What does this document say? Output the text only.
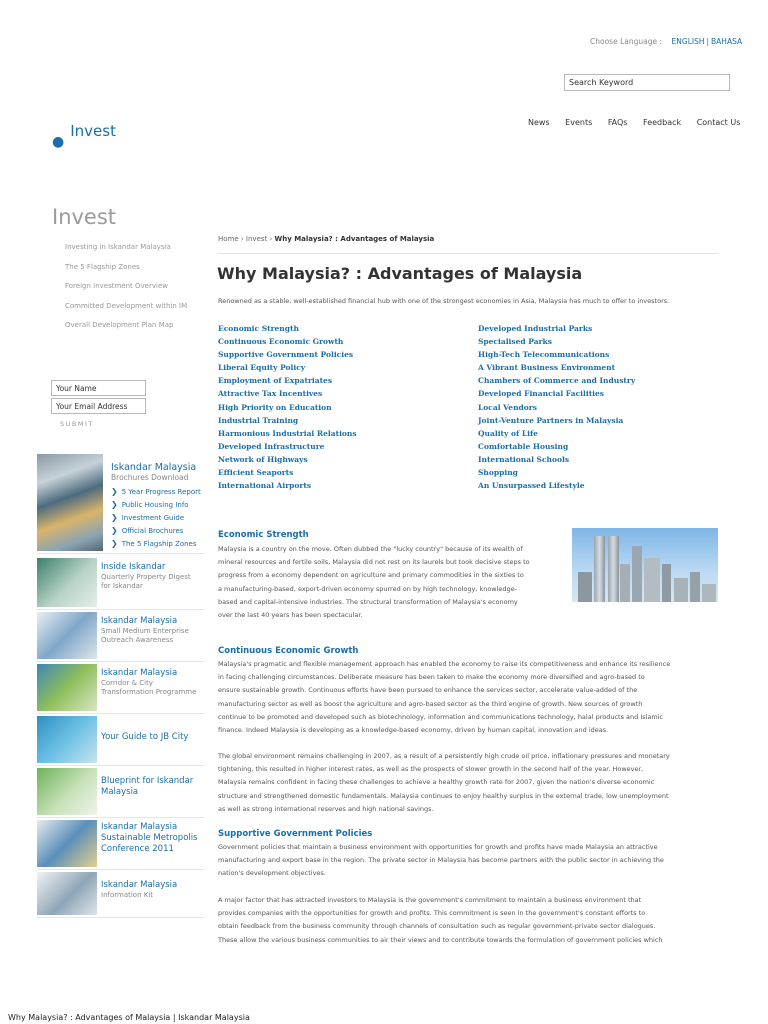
Choose Language : ENGLISH | BAHASA
Search Keyword
●Invest	News Events FAQs Feedback Contact Us
Invest
Investing in Iskandar Malaysia
The 5 Flagship Zones
Foreign Investment Overview
Committed Development within IM
Overall Development Plan Map
Your Name
Your Email Address
SUBMIT
Iskandar Malaysia
Brochures Download
❯ 5 Year Progress Report
❯ Public Housing Info
❯ Investment Guide
❯ Official Brochures
❯ The 5 Flagship Zones
Inside Iskandar
Quarterly Property Digest for Iskandar
Iskandar Malaysia
Small Medium Enterprise Outreach Awareness
Iskandar Malaysia
Corridor & City Transformation Programme
Your Guide to JB City
Blueprint for Iskandar Malaysia
Iskandar Malaysia Sustainable Metropolis Conference 2011
Iskandar Malaysia
Information Kit
Home › Invest › Why Malaysia? : Advantages of Malaysia
Why Malaysia? : Advantages of Malaysia
Renowned as a stable, well-established financial hub with one of the strongest economies in Asia, Malaysia has much to offer to investors.
Economic Strength
Continuous Economic Growth
Supportive Government Policies
Liberal Equity Policy
Employment of Expatriates
Attractive Tax Incentives
High Priority on Education
Industrial Training
Harmonious Industrial Relations
Developed Infrastructure
Network of Highways
Efficient Seaports
International Airports
Developed Industrial Parks
Specialised Parks
High-Tech Telecommunications
A Vibrant Business Environment
Chambers of Commerce and Industry
Developed Financial Facilities
Local Vendors
Joint-Venture Partners in Malaysia
Quality of Life
Comfortable Housing
International Schools
Shopping
An Unsurpassed Lifestyle
Economic Strength
Malaysia is a country on the move. Often dubbed the "lucky country" because of its wealth of
mineral resources and fertile soils, Malaysia did not rest on its laurels but took decisive steps to
progress from a economy dependent on agriculture and primary commodities in the sixties to
a manufacturing-based, export-driven economy spurred on by high technology, knowledge-
based and capital-intensive industries. The structural transformation of Malaysia's economy
over the last 40 years has been spectacular.
Continuous Economic Growth
Malaysia's pragmatic and flexible management approach has enabled the economy to raise its competitiveness and enhance its resilience
in facing challenging circumstances. Deliberate measure has been taken to make the economy more diversified and agro-based to
ensure sustainable growth. Continuous efforts have been pursued to enhance the services sector, accelerate value-added of the
manufacturing sector as well as boost the agriculture and agro-based sector as the third engine of growth. New sources of growth
continue to be promoted and developed such as biotechnology, information and communications technology, halal products and Islamic
finance. Indeed Malaysia is developing as a knowledge-based economy, driven by human capital, innovation and ideas.
The global environment remains challenging in 2007, as a result of a persistently high crude oil price, inflationary pressures and monetary
tightening, this resulted in higher interest rates, as well as the prospects of slower growth in the second half of the year. However,
Malaysia remains confident in facing these challenges to achieve a healthy growth rate for 2007, given the nation's diverse economic
structure and strengthened domestic fundamentals. Malaysia continues to enjoy healthy surplus in the external trade, low unemployment
as well as strong international reserves and high national savings.
Supportive Government Policies
Government policies that maintain a business environment with opportunities for growth and profits have made Malaysia an attractive
manufacturing and export base in the region. The private sector in Malaysia has become partners with the public sector in achieving the
nation's development objectives.
A major factor that has attracted investors to Malaysia is the government's commitment to maintain a business environment that
provides companies with the opportunities for growth and profits. This commitment is seen in the government's constant efforts to
obtain feedback from the business community through channels of consultation such as regular government-private sector dialogues.
These allow the various business communities to air their views and to contribute towards the formulation of government policies which
Why Malaysia? : Advantages of Malaysia | Iskandar Malaysia
